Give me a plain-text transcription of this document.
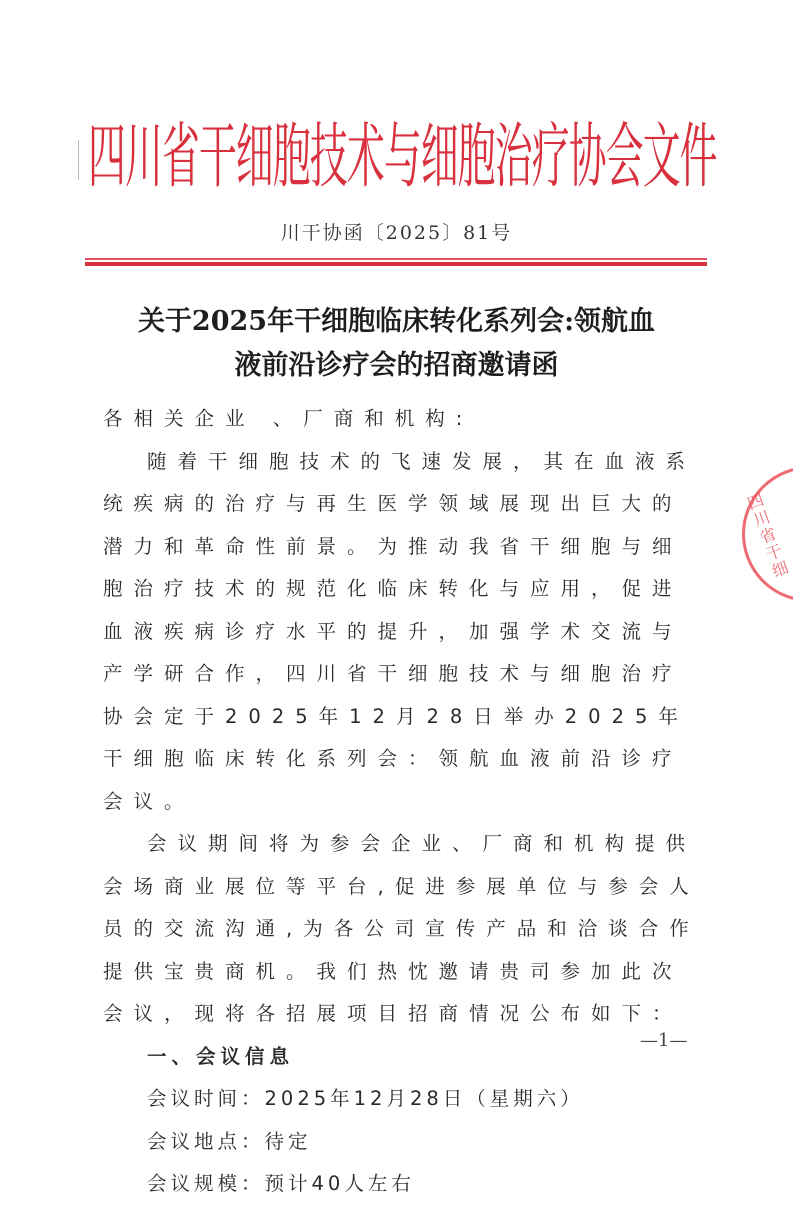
四川省干细胞技术与细胞治疗协会文件
川干协函〔2025〕81号
关于2025年干细胞临床转化系列会:领航血
液前沿诊疗会的招商邀请函

各相关企业 、厂商和机构:

随着干细胞技术的飞速发展，其在血液系统疾病的治疗与再生医学领域展现出巨大的潜力和革命性前景。为推动我省干细胞与细胞治疗技术的规范化临床转化与应用，促进血液疾病诊疗水平的提升，加强学术交流与产学研合作，四川省干细胞技术与细胞治疗协会定于2025年12月28日举办2025年干细胞临床转化系列会：领航血液前沿诊疗会议。

会议期间将为参会企业、厂商和机构提供会场商业展位等平台,促进参展单位与参会人员的交流沟通,为各公司宣传产品和洽谈合作提供宝贵商机。我们热忱邀请贵司参加此次会议，现将各招展项目招商情况公布如下：

一、会议信息

会议时间：2025年12月28日（星期六）

会议地点：待定

会议规模：预计40人左右

四川省干细
—1—
